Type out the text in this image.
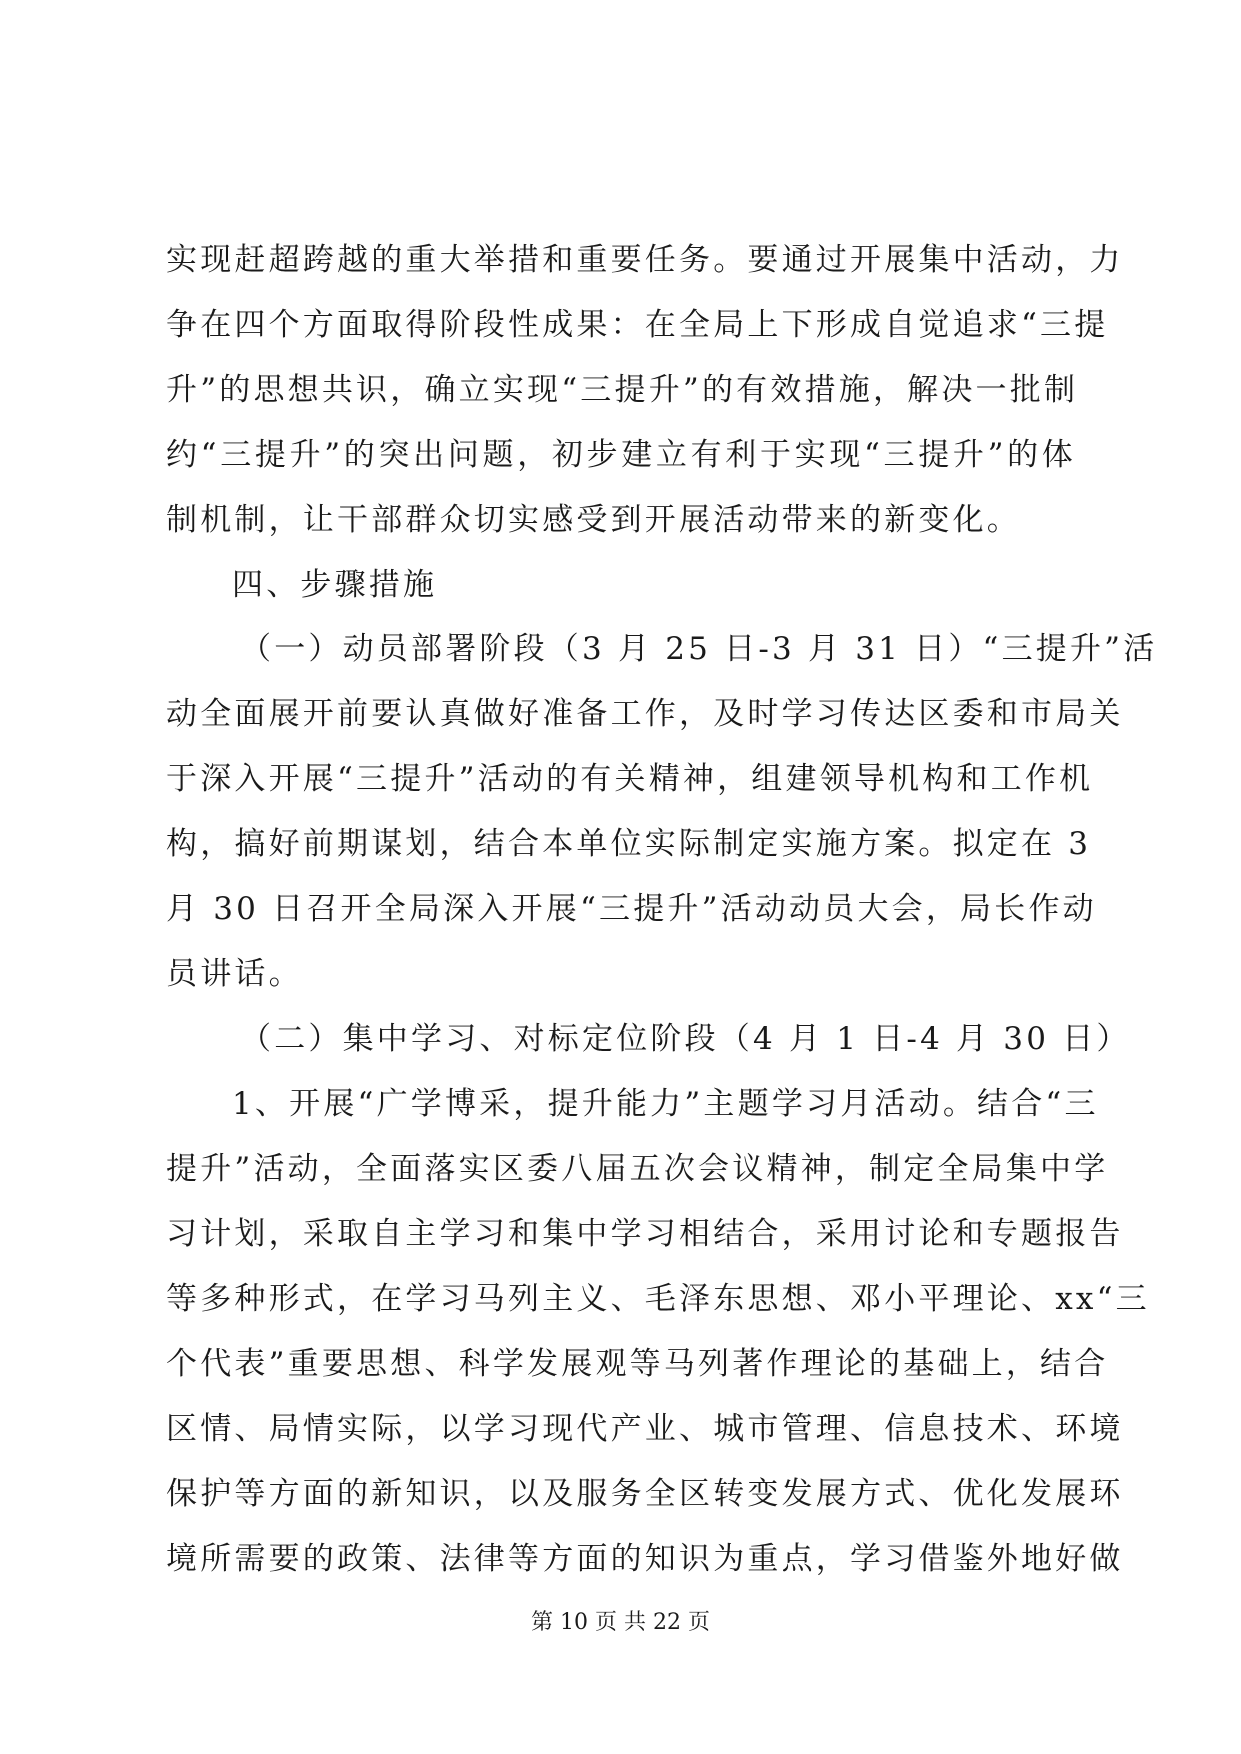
实现赶超跨越的重大举措和重要任务。要通过开展集中活动，力
争在四个方面取得阶段性成果：在全局上下形成自觉追求“三提
升”的思想共识，确立实现“三提升”的有效措施，解决一批制
约“三提升”的突出问题，初步建立有利于实现“三提升”的体
制机制，让干部群众切实感受到开展活动带来的新变化。
四、步骤措施
（一）动员部署阶段（3 月 25 日-3 月 31 日）“三提升”活
动全面展开前要认真做好准备工作，及时学习传达区委和市局关
于深入开展“三提升”活动的有关精神，组建领导机构和工作机
构，搞好前期谋划，结合本单位实际制定实施方案。拟定在 3
月 30 日召开全局深入开展“三提升”活动动员大会，局长作动
员讲话。
（二）集中学习、对标定位阶段（4 月 1 日-4 月 30 日）
1、开展“广学博采，提升能力”主题学习月活动。结合“三
提升”活动，全面落实区委八届五次会议精神，制定全局集中学
习计划，采取自主学习和集中学习相结合，采用讨论和专题报告
等多种形式，在学习马列主义、毛泽东思想、邓小平理论、xx“三
个代表”重要思想、科学发展观等马列著作理论的基础上，结合
区情、局情实际，以学习现代产业、城市管理、信息技术、环境
保护等方面的新知识，以及服务全区转变发展方式、优化发展环
境所需要的政策、法律等方面的知识为重点，学习借鉴外地好做
第 10 页 共 22 页
